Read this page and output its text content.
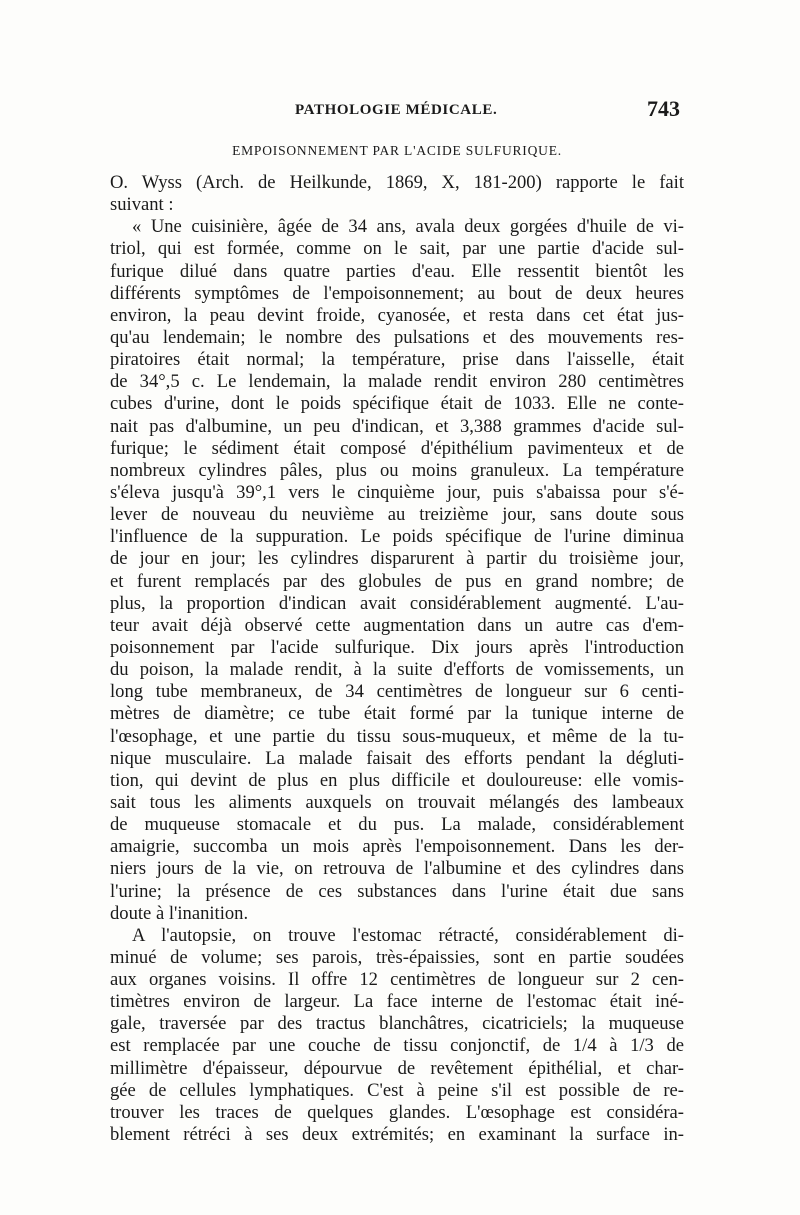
PATHOLOGIE MÉDICALE.	743
EMPOISONNEMENT PAR L'ACIDE SULFURIQUE.
O. Wyss (Arch. de Heilkunde, 1869, X, 181-200) rapporte le fait
suivant :
« Une cuisinière, âgée de 34 ans, avala deux gorgées d'huile de vi-
triol, qui est formée, comme on le sait, par une partie d'acide sul-
furique dilué dans quatre parties d'eau. Elle ressentit bientôt les
différents symptômes de l'empoisonnement; au bout de deux heures
environ, la peau devint froide, cyanosée, et resta dans cet état jus-
qu'au lendemain; le nombre des pulsations et des mouvements res-
piratoires était normal; la température, prise dans l'aisselle, était
de 34°,5 c. Le lendemain, la malade rendit environ 280 centimètres
cubes d'urine, dont le poids spécifique était de 1033. Elle ne conte-
nait pas d'albumine, un peu d'indican, et 3,388 grammes d'acide sul-
furique; le sédiment était composé d'épithélium pavimenteux et de
nombreux cylindres pâles, plus ou moins granuleux. La température
s'éleva jusqu'à 39°,1 vers le cinquième jour, puis s'abaissa pour s'é-
lever de nouveau du neuvième au treizième jour, sans doute sous
l'influence de la suppuration. Le poids spécifique de l'urine diminua
de jour en jour; les cylindres disparurent à partir du troisième jour,
et furent remplacés par des globules de pus en grand nombre; de
plus, la proportion d'indican avait considérablement augmenté. L'au-
teur avait déjà observé cette augmentation dans un autre cas d'em-
poisonnement par l'acide sulfurique. Dix jours après l'introduction
du poison, la malade rendit, à la suite d'efforts de vomissements, un
long tube membraneux, de 34 centimètres de longueur sur 6 centi-
mètres de diamètre; ce tube était formé par la tunique interne de
l'œsophage, et une partie du tissu sous-muqueux, et même de la tu-
nique musculaire. La malade faisait des efforts pendant la dégluti-
tion, qui devint de plus en plus difficile et douloureuse: elle vomis-
sait tous les aliments auxquels on trouvait mélangés des lambeaux
de muqueuse stomacale et du pus. La malade, considérablement
amaigrie, succomba un mois après l'empoisonnement. Dans les der-
niers jours de la vie, on retrouva de l'albumine et des cylindres dans
l'urine; la présence de ces substances dans l'urine était due sans
doute à l'inanition.
A l'autopsie, on trouve l'estomac rétracté, considérablement di-
minué de volume; ses parois, très-épaissies, sont en partie soudées
aux organes voisins. Il offre 12 centimètres de longueur sur 2 cen-
timètres environ de largeur. La face interne de l'estomac était iné-
gale, traversée par des tractus blanchâtres, cicatriciels; la muqueuse
est remplacée par une couche de tissu conjonctif, de 1/4 à 1/3 de
millimètre d'épaisseur, dépourvue de revêtement épithélial, et char-
gée de cellules lymphatiques. C'est à peine s'il est possible de re-
trouver les traces de quelques glandes. L'œsophage est considéra-
blement rétréci à ses deux extrémités; en examinant la surface in-
